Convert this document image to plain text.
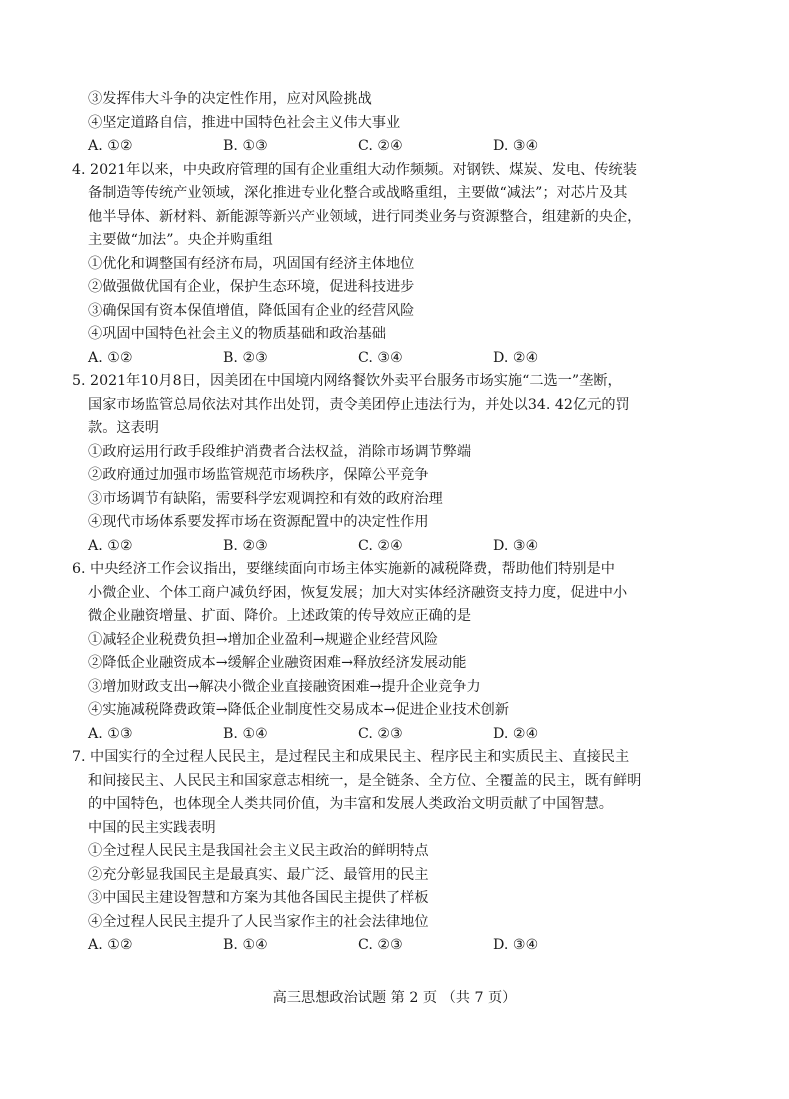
③发挥伟大斗争的决定性作用，应对风险挑战
④坚定道路自信，推进中国特色社会主义伟大事业
A. ①②	B. ①③	C. ②④	D. ③④
4. 2021年以来，中央政府管理的国有企业重组大动作频频。对钢铁、煤炭、发电、传统装
备制造等传统产业领域，深化推进专业化整合或战略重组，主要做“减法”；对芯片及其
他半导体、新材料、新能源等新兴产业领域，进行同类业务与资源整合，组建新的央企，
主要做“加法”。央企并购重组
①优化和调整国有经济布局，巩固国有经济主体地位
②做强做优国有企业，保护生态环境，促进科技进步
③确保国有资本保值增值，降低国有企业的经营风险
④巩固中国特色社会主义的物质基础和政治基础
A. ①②	B. ②③	C. ③④	D. ②④
5. 2021年10月8日，因美团在中国境内网络餐饮外卖平台服务市场实施“二选一”垄断，
国家市场监管总局依法对其作出处罚，责令美团停止违法行为，并处以34. 42亿元的罚
款。这表明
①政府运用行政手段维护消费者合法权益，消除市场调节弊端
②政府通过加强市场监管规范市场秩序，保障公平竞争
③市场调节有缺陷，需要科学宏观调控和有效的政府治理
④现代市场体系要发挥市场在资源配置中的决定性作用
A. ①②	B. ②③	C. ②④	D. ③④
6. 中央经济工作会议指出，要继续面向市场主体实施新的减税降费，帮助他们特别是中
小微企业、个体工商户减负纾困，恢复发展；加大对实体经济融资支持力度，促进中小
微企业融资增量、扩面、降价。上述政策的传导效应正确的是
①减轻企业税费负担→增加企业盈利→规避企业经营风险
②降低企业融资成本→缓解企业融资困难→释放经济发展动能
③增加财政支出→解决小微企业直接融资困难→提升企业竞争力
④实施减税降费政策→降低企业制度性交易成本→促进企业技术创新
A. ①③	B. ①④	C. ②③	D. ②④
7. 中国实行的全过程人民民主，是过程民主和成果民主、程序民主和实质民主、直接民主
和间接民主、人民民主和国家意志相统一，是全链条、全方位、全覆盖的民主，既有鲜明
的中国特色，也体现全人类共同价值，为丰富和发展人类政治文明贡献了中国智慧。
中国的民主实践表明
①全过程人民民主是我国社会主义民主政治的鲜明特点
②充分彰显我国民主是最真实、最广泛、最管用的民主
③中国民主建设智慧和方案为其他各国民主提供了样板
④全过程人民民主提升了人民当家作主的社会法律地位
A. ①②	B. ①④	C. ②③	D. ③④
高三思想政治试题 第 2 页 （共 7 页）
